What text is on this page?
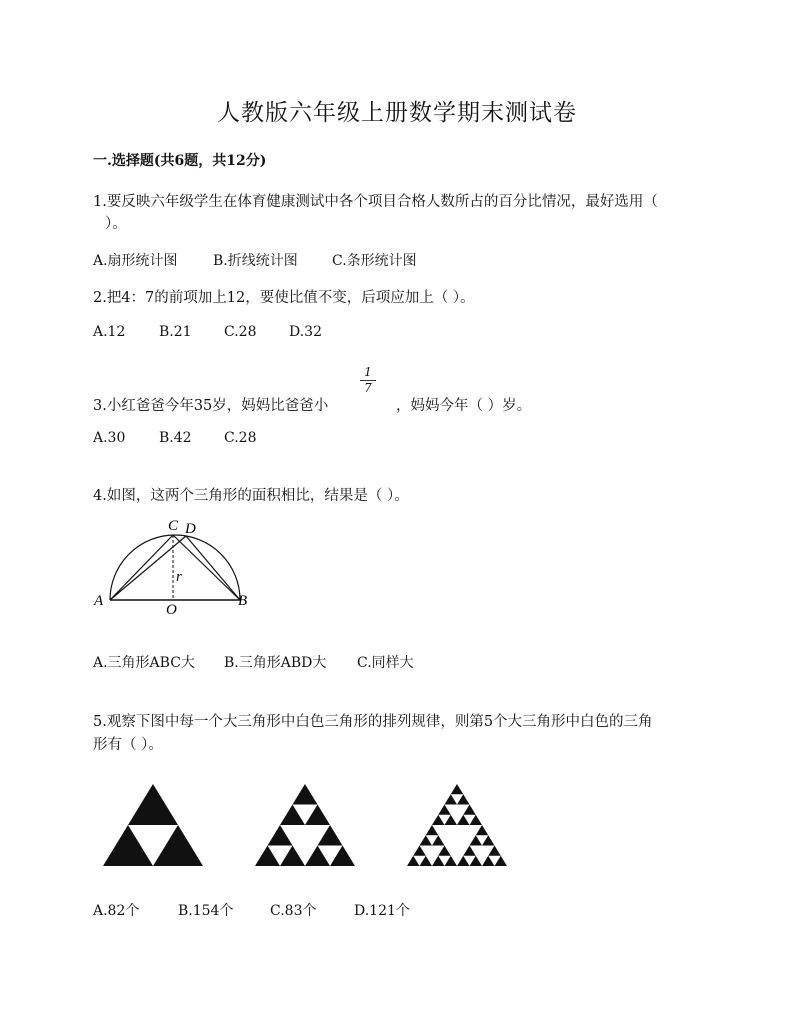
人教版六年级上册数学期末测试卷
一.选择题(共6题，共12分)
1.要反映六年级学生在体育健康测试中各个项目合格人数所占的百分比情况，最好选用（
）。
A.扇形统计图	B.折线统计图 C.条形统计图
2.把4：7的前项加上12，要使比值不变，后项应加上（ ）。
A.12 B.21 C.28 D.32
3.小红爸爸今年35岁，妈妈比爸爸小
1
7
，妈妈今年（ ）岁。
A.30 B.42 C.28
4.如图，这两个三角形的面积相比，结果是（ ）。
C D
A	B
O
r
A.三角形ABC大 B.三角形ABD大 C.同样大
5.观察下图中每一个大三角形中白色三角形的排列规律，则第5个大三角形中白色的三角
形有（ ）。
A.82个	B.154个	C.83个	D.121个
